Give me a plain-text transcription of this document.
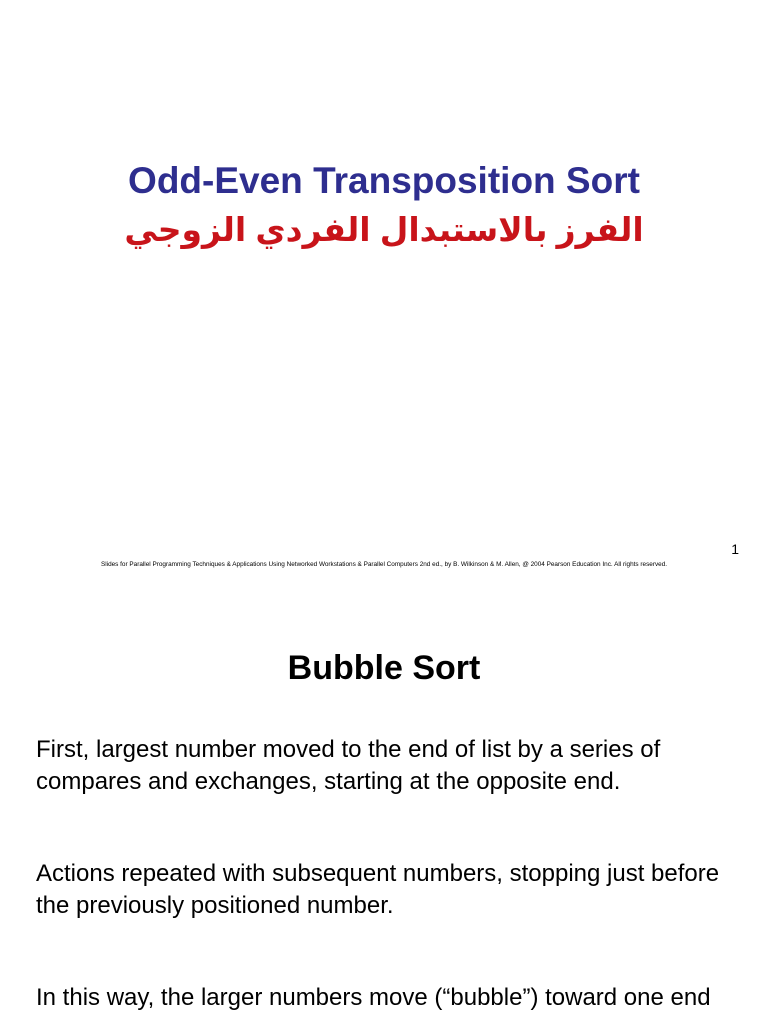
Odd-Even Transposition Sort
الفرز بالاستبدال الفردي الزوجي
1
Slides for Parallel Programming Techniques & Applications Using Networked Workstations & Parallel Computers 2nd ed., by B. Wilkinson & M. Allen, @ 2004 Pearson Education Inc. All rights reserved.
Bubble Sort

First, largest number moved to the end of list by a series of compares and exchanges, starting at the opposite end.

Actions repeated with subsequent numbers, stopping just before the previously positioned number.

In this way, the larger numbers move (“bubble”) toward one end
